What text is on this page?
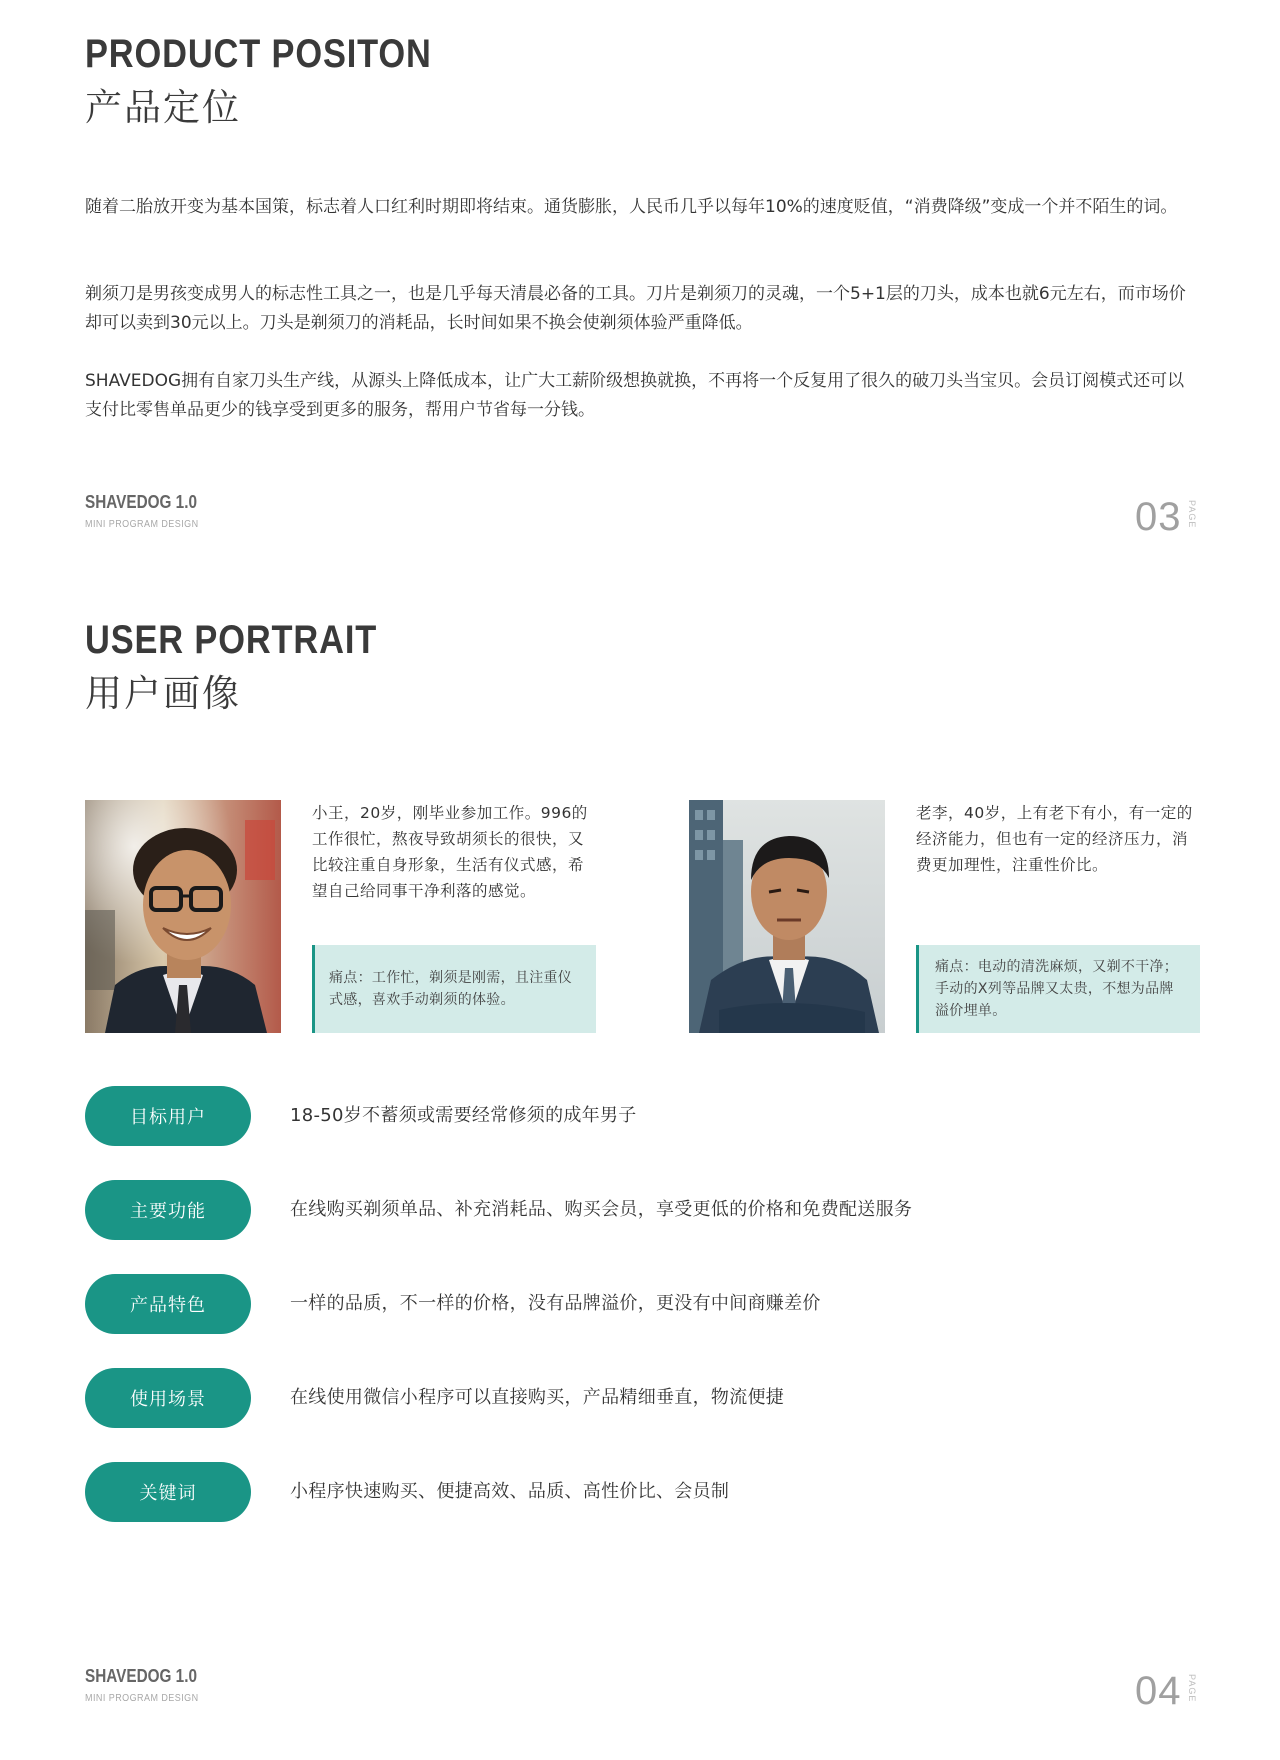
PRODUCT POSITON
产品定位

随着二胎放开变为基本国策，标志着人口红利时期即将结束。通货膨胀，人民币几乎以每年10%的速度贬值，“消费降级”变成一个并不陌生的词。

剃须刀是男孩变成男人的标志性工具之一，也是几乎每天清晨必备的工具。刀片是剃须刀的灵魂，一个5+1层的刀头，成本也就6元左右，而市场价却可以卖到30元以上。刀头是剃须刀的消耗品，长时间如果不换会使剃须体验严重降低。

SHAVEDOG拥有自家刀头生产线，从源头上降低成本，让广大工薪阶级想换就换，不再将一个反复用了很久的破刀头当宝贝。会员订阅模式还可以支付比零售单品更少的钱享受到更多的服务，帮用户节省每一分钱。

SHAVEDOG 1.0
MINI PROGRAM DESIGN	03 PAGE
USER PORTRAIT
用户画像

小王，20岁，刚毕业参加工作。996的工作很忙，熬夜导致胡须长的很快，又比较注重自身形象，生活有仪式感，希望自己给同事干净利落的感觉。

痛点：工作忙，剃须是刚需，且注重仪式感，喜欢手动剃须的体验。

老李，40岁，上有老下有小，有一定的经济能力，但也有一定的经济压力，消费更加理性，注重性价比。

痛点：电动的清洗麻烦，又剃不干净；手动的X列等品牌又太贵，不想为品牌溢价埋单。
目标用户	18-50岁不蓄须或需要经常修须的成年男子
主要功能	在线购买剃须单品、补充消耗品、购买会员，享受更低的价格和免费配送服务
产品特色	一样的品质，不一样的价格，没有品牌溢价，更没有中间商赚差价
使用场景	在线使用微信小程序可以直接购买，产品精细垂直，物流便捷
关键词	小程序快速购买、便捷高效、品质、高性价比、会员制
SHAVEDOG 1.0
MINI PROGRAM DESIGN	04 PAGE
